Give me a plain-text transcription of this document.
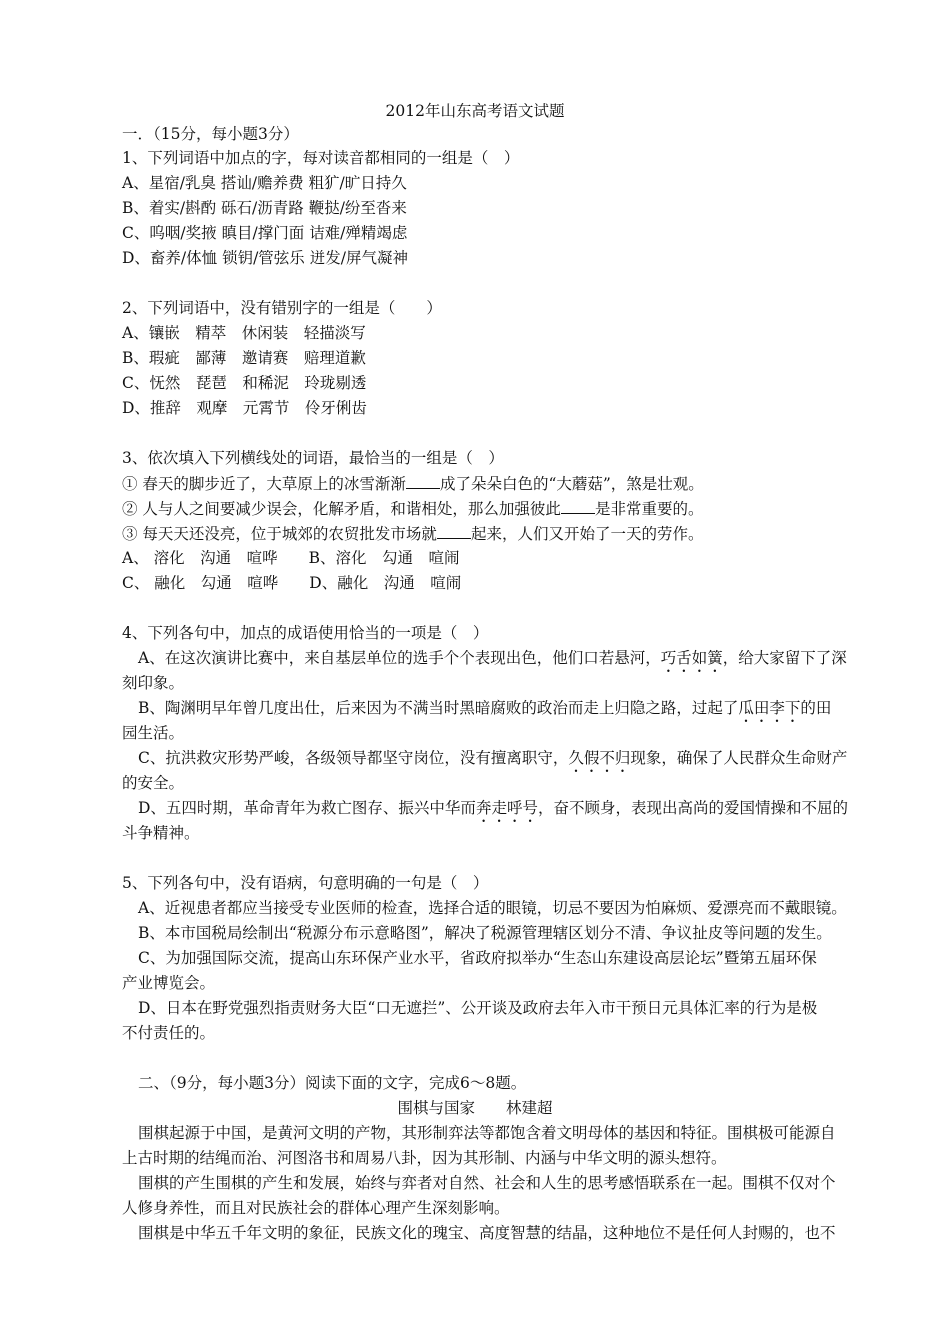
2012年山东高考语文试题
一．（15分，每小题3分）
1、下列词语中加点的字，每对读音都相同的一组是（　）
A、星宿/乳臭 搭讪/赡养费 粗犷/旷日持久
B、着实/斟酌 砾石/沥青路 鞭挞/纷至沓来
C、呜咽/奖掖 瞋目/撑门面 诘难/殚精竭虑
D、畜养/体恤 锁钥/管弦乐 迸发/屏气凝神
2、下列词语中，没有错别字的一组是（　　）
A、镶嵌　精萃　休闲装　轻描淡写
B、瑕疵　鄙薄　邀请赛　赔理道歉
C、怃然　琵琶　和稀泥　玲珑剔透
D、推辞　观摩　元霄节　伶牙俐齿
3、依次填入下列横线处的词语，最恰当的一组是（　）
① 春天的脚步近了，大草原上的冰雪渐渐 成了朵朵白色的“大蘑菇”，煞是壮观。
② 人与人之间要减少误会，化解矛盾，和谐相处，那么加强彼此 是非常重要的。
③ 每天天还没亮，位于城郊的农贸批发市场就 起来，人们又开始了一天的劳作。
A、 溶化　沟通　喧哗　　B、溶化　勾通　喧闹
C、 融化　勾通　喧哗　　D、融化　沟通　喧闹
4、下列各句中，加点的成语使用恰当的一项是（　）
A、在这次演讲比赛中，来自基层单位的选手个个表现出色，他们口若悬河，巧舌如簧，给大家留下了深
刻印象。
B、陶渊明早年曾几度出仕，后来因为不满当时黑暗腐败的政治而走上归隐之路，过起了瓜田李下的田
园生活。
C、抗洪救灾形势严峻，各级领导都坚守岗位，没有擅离职守，久假不归现象，确保了人民群众生命财产
的安全。
D、五四时期，革命青年为救亡图存、振兴中华而奔走呼号，奋不顾身，表现出高尚的爱国情操和不屈的
斗争精神。
5、下列各句中，没有语病，句意明确的一句是（　）
A、近视患者都应当接受专业医师的检查，选择合适的眼镜，切忌不要因为怕麻烦、爱漂亮而不戴眼镜。
B、本市国税局绘制出“税源分布示意略图”，解决了税源管理辖区划分不清、争议扯皮等问题的发生。
C、为加强国际交流，提高山东环保产业水平，省政府拟举办“生态山东建设高层论坛”暨第五届环保
产业博览会。
D、日本在野党强烈指责财务大臣“口无遮拦”、公开谈及政府去年入市干预日元具体汇率的行为是极
不付责任的。
二、（9分，每小题3分）阅读下面的文字，完成6～8题。
围棋与国家　　林建超
围棋起源于中国，是黄河文明的产物，其形制弈法等都饱含着文明母体的基因和特征。围棋极可能源自
上古时期的结绳而治、河图洛书和周易八卦，因为其形制、内涵与中华文明的源头想符。
围棋的产生围棋的产生和发展，始终与弈者对自然、社会和人生的思考感悟联系在一起。围棋不仅对个
人修身养性，而且对民族社会的群体心理产生深刻影响。
围棋是中华五千年文明的象征，民族文化的瑰宝、高度智慧的结晶，这种地位不是任何人封赐的，也不
